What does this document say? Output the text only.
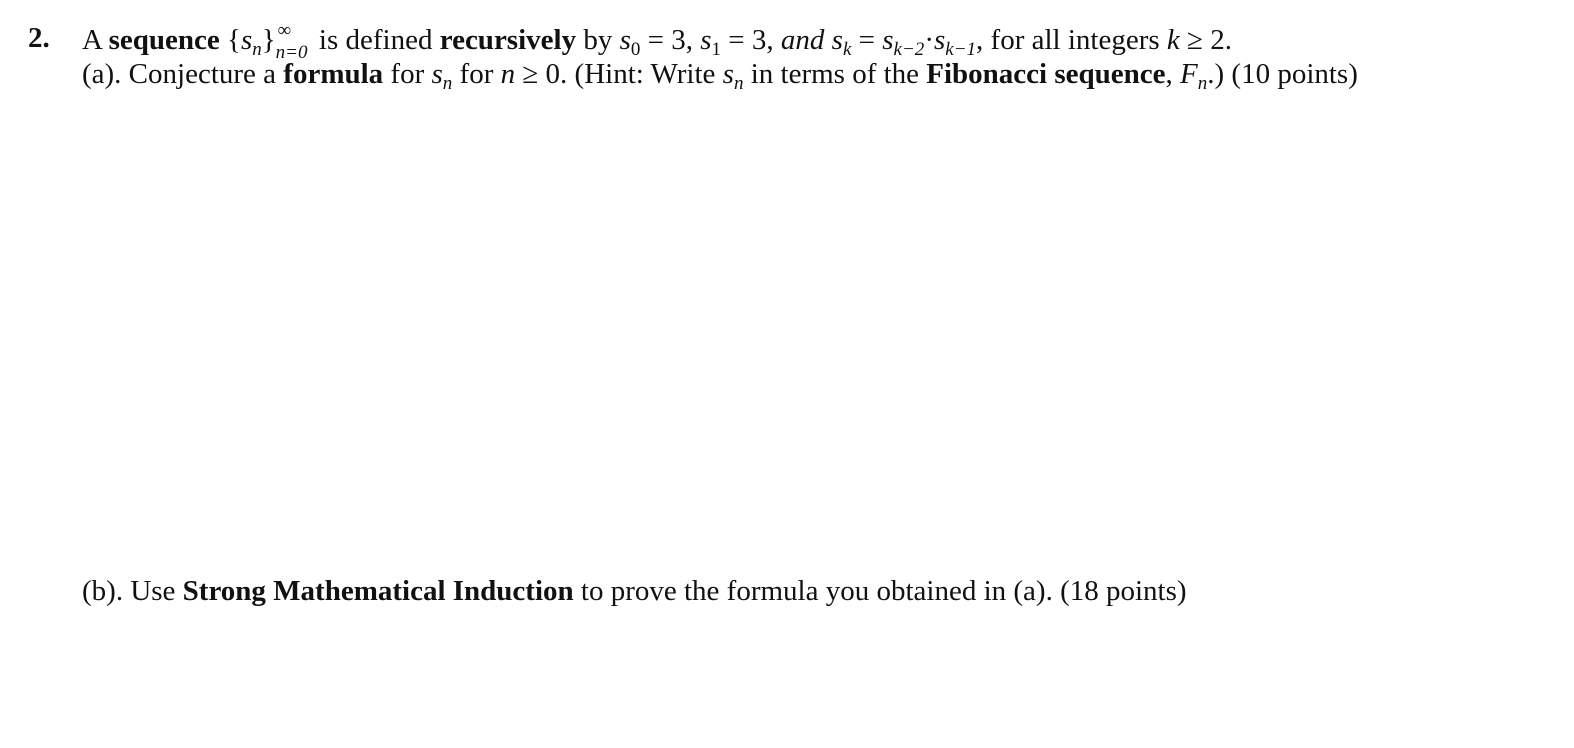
2. A sequence $\{s_n\}$ ∞
n=0 is defined recursively by $s_0 = 3$, $s_1 = 3$, and $s_k = s_{k-2}\cdot s_{k-1}$, for all integers k ≥ 2.
(a). Conjecture a formula for $s_n$ for n ≥ 0. (Hint: Write $s_n$ in terms of the Fibonacci sequence, $F_n$.) (10 points)
(b). Use Strong Mathematical Induction to prove the formula you obtained in (a). (18 points)
